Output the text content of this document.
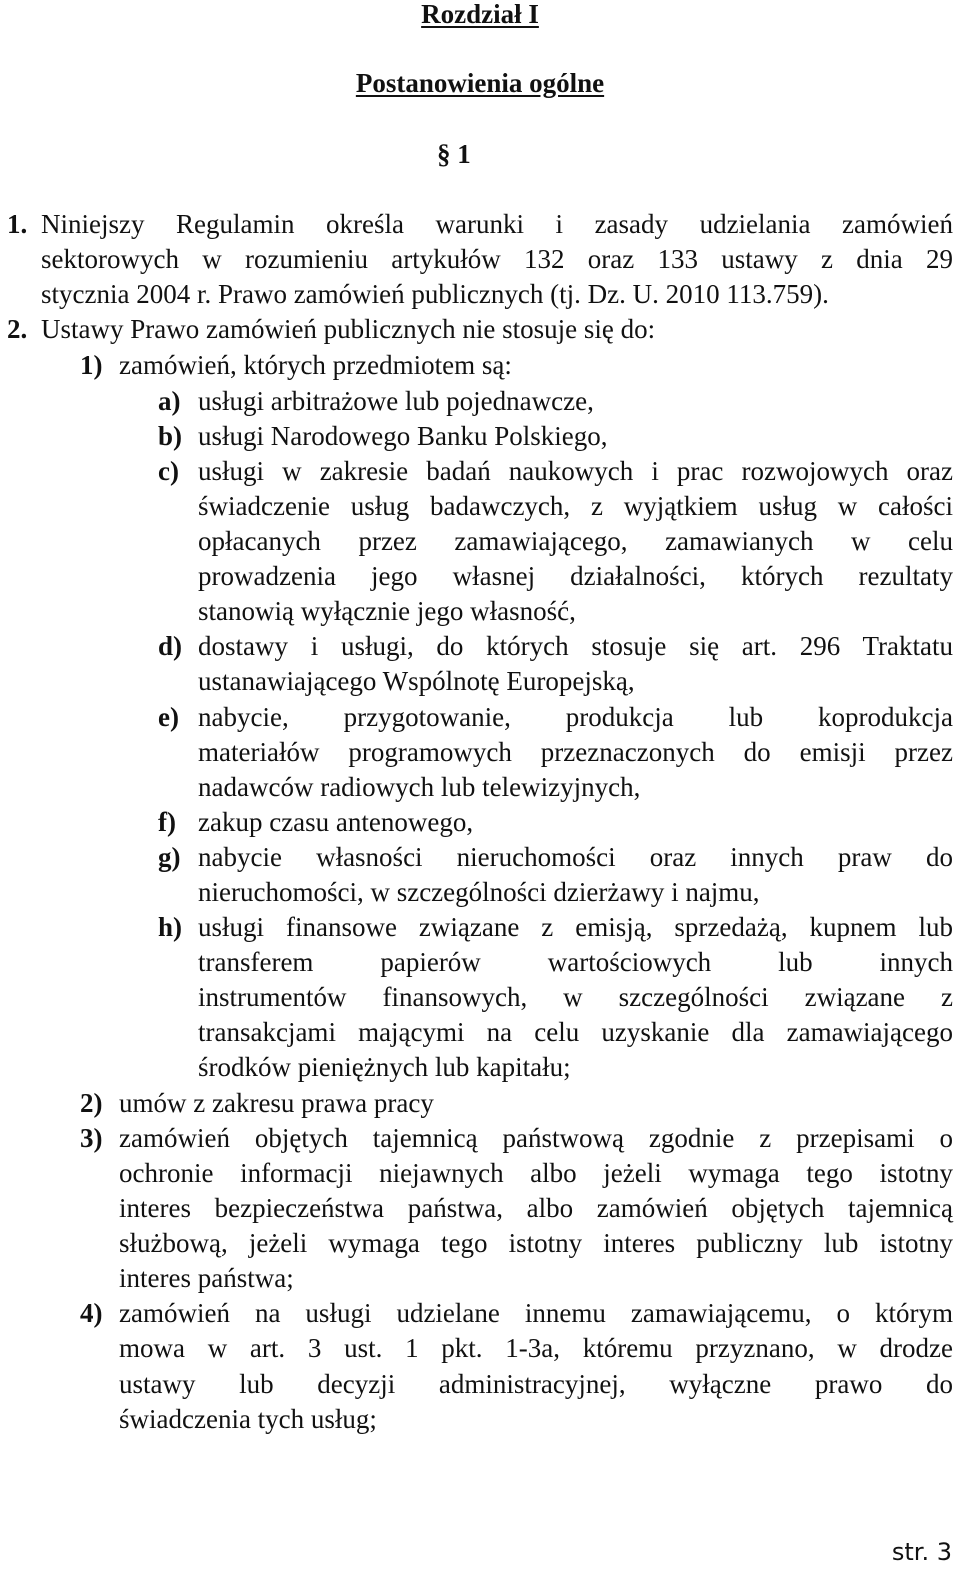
Rozdział I
Postanowienia ogólne
§ 1
1. Niniejszy Regulamin określa warunki i zasady udzielania zamówień
sektorowych w rozumieniu artykułów 132 oraz 133 ustawy z dnia 29
stycznia 2004 r. Prawo zamówień publicznych (tj. Dz. U. 2010 113.759).
2. Ustawy Prawo zamówień publicznych nie stosuje się do:
1) zamówień, których przedmiotem są:
a) usługi arbitrażowe lub pojednawcze,
b) usługi Narodowego Banku Polskiego,
c) usługi w zakresie badań naukowych i prac rozwojowych oraz
świadczenie usług badawczych, z wyjątkiem usług w całości
opłacanych przez zamawiającego, zamawianych w celu
prowadzenia jego własnej działalności, których rezultaty
stanowią wyłącznie jego własność,
d) dostawy i usługi, do których stosuje się art. 296 Traktatu
ustanawiającego Wspólnotę Europejską,
e) nabycie, przygotowanie, produkcja lub koprodukcja
materiałów programowych przeznaczonych do emisji przez
nadawców radiowych lub telewizyjnych,
f) zakup czasu antenowego,
g) nabycie własności nieruchomości oraz innych praw do
nieruchomości, w szczególności dzierżawy i najmu,
h) usługi finansowe związane z emisją, sprzedażą, kupnem lub
transferem papierów wartościowych lub innych
instrumentów finansowych, w szczególności związane z
transakcjami mającymi na celu uzyskanie dla zamawiającego
środków pieniężnych lub kapitału;
2) umów z zakresu prawa pracy
3) zamówień objętych tajemnicą państwową zgodnie z przepisami o
ochronie informacji niejawnych albo jeżeli wymaga tego istotny
interes bezpieczeństwa państwa, albo zamówień objętych tajemnicą
służbową, jeżeli wymaga tego istotny interes publiczny lub istotny
interes państwa;
4) zamówień na usługi udzielane innemu zamawiającemu, o którym
mowa w art. 3 ust. 1 pkt. 1-3a, któremu przyznano, w drodze
ustawy lub decyzji administracyjnej, wyłączne prawo do
świadczenia tych usług;
str. 3
